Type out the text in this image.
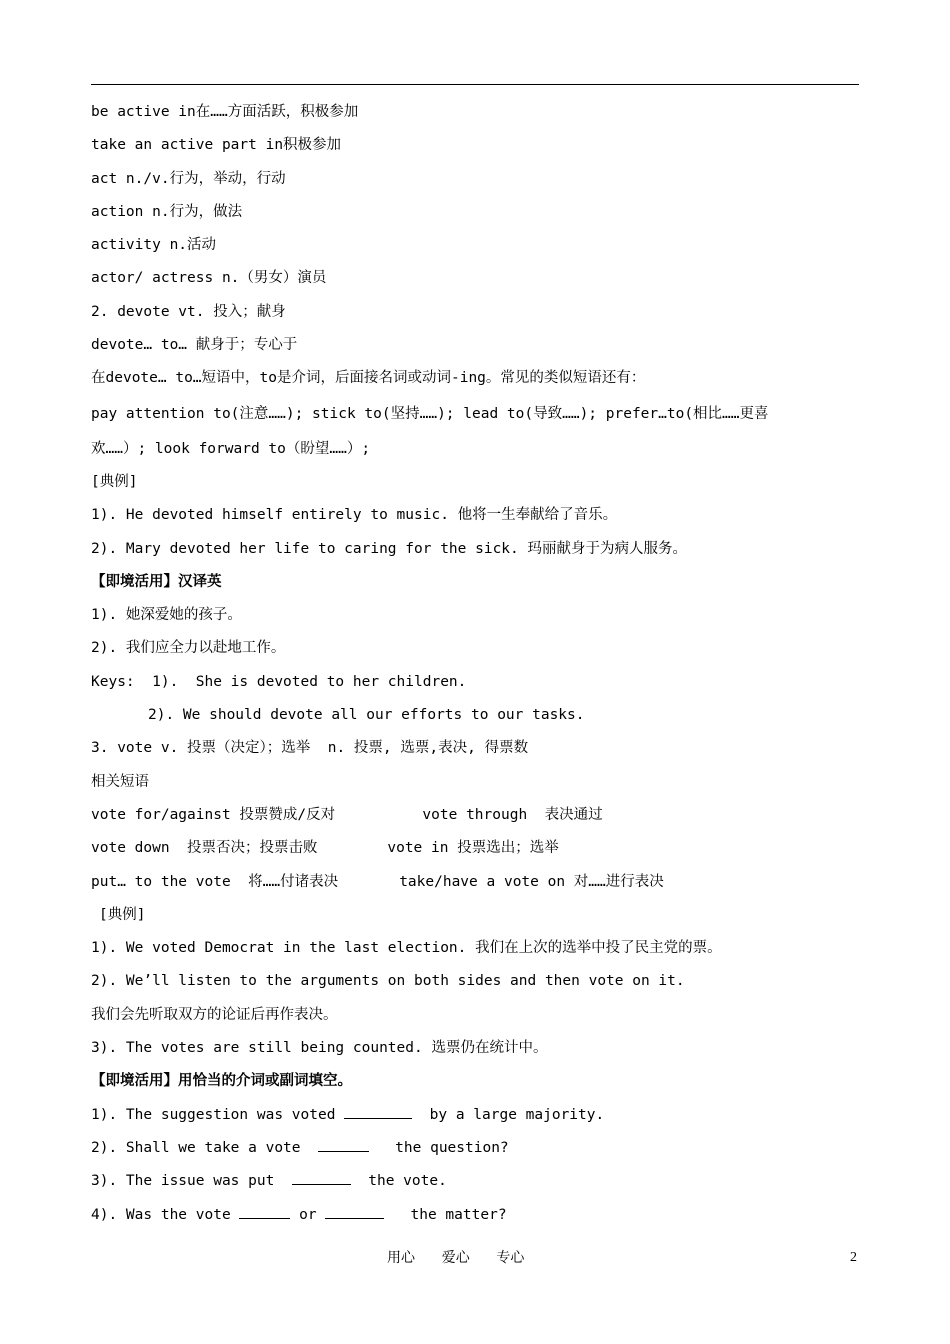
be active in在……方面活跃，积极参加
take an active part in积极参加
act n./v.行为，举动，行动
action n.行为，做法
activity n.活动
actor/ actress n.（男女）演员
2. devote vt. 投入；献身
devote… to… 献身于；专心于
在devote… to…短语中，to是介词，后面接名词或动词-ing。常见的类似短语还有：
pay attention to(注意……); stick to(坚持……); lead to(导致……); prefer…to(相比……更喜
欢……）; look forward to（盼望……）;
[典例]
1). He devoted himself entirely to music. 他将一生奉献给了音乐。
2). Mary devoted her life to caring for the sick. 玛丽献身于为病人服务。
【即境活用】汉译英
1). 她深爱她的孩子。
2). 我们应全力以赴地工作。
Keys:  1).  She is devoted to her children.
2). We should devote all our efforts to our tasks.
3. vote v. 投票（决定）；选举  n. 投票, 选票,表决, 得票数
相关短语
vote for/against 投票赞成/反对          vote through  表决通过
vote down  投票否决；投票击败        vote in 投票选出；选举
put… to the vote  将……付诸表决       take/have a vote on 对……进行表决
[典例]
1). We voted Democrat in the last election. 我们在上次的选举中投了民主党的票。
2). We’ll listen to the arguments on both sides and then vote on it.
我们会先听取双方的论证后再作表决。
3). The votes are still being counted. 选票仍在统计中。
【即境活用】用恰当的介词或副词填空。
1). The suggestion was voted	by a large majority.
2). Shall we take a vote	the question?
3). The issue was put	the vote.
4). Was the vote	or	the matter?
用心      爱心      专心	2
